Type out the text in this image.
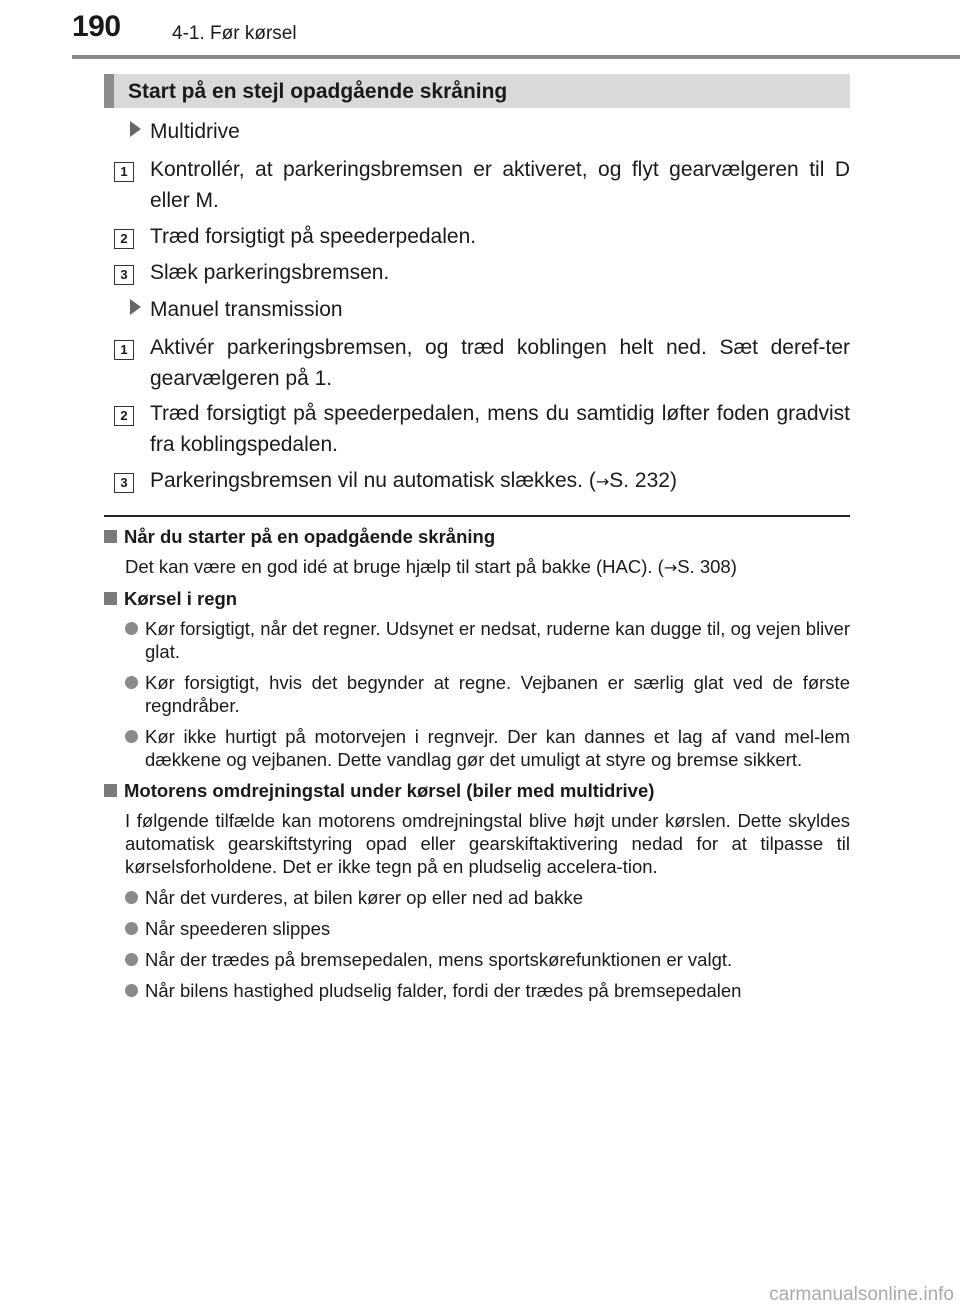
190	4-1. Før kørsel
Start på en stejl opadgående skråning
Multidrive
1	Kontrollér, at parkeringsbremsen er aktiveret, og flyt gearvælgeren til D eller M.
2	Træd forsigtigt på speederpedalen.
3	Slæk parkeringsbremsen.
Manuel transmission
1	Aktivér parkeringsbremsen, og træd koblingen helt ned. Sæt deref-ter gearvælgeren på 1.
2	Træd forsigtigt på speederpedalen, mens du samtidig løfter foden gradvist fra koblingspedalen.
3	Parkeringsbremsen vil nu automatisk slækkes. (→S. 232)
Når du starter på en opadgående skråning
Det kan være en god idé at bruge hjælp til start på bakke (HAC). (→S. 308)
Kørsel i regn
Kør forsigtigt, når det regner. Udsynet er nedsat, ruderne kan dugge til, og vejen bliver glat.
Kør forsigtigt, hvis det begynder at regne. Vejbanen er særlig glat ved de første regndråber.
Kør ikke hurtigt på motorvejen i regnvejr. Der kan dannes et lag af vand mel-lem dækkene og vejbanen. Dette vandlag gør det umuligt at styre og bremse sikkert.
Motorens omdrejningstal under kørsel (biler med multidrive)
I følgende tilfælde kan motorens omdrejningstal blive højt under kørslen. Dette skyldes automatisk gearskiftstyring opad eller gearskiftaktivering nedad for at tilpasse til kørselsforholdene. Det er ikke tegn på en pludselig accelera-tion.
Når det vurderes, at bilen kører op eller ned ad bakke
Når speederen slippes
Når der trædes på bremsepedalen, mens sportskørefunktionen er valgt.
Når bilens hastighed pludselig falder, fordi der trædes på bremsepedalen
carmanualsonline.info
